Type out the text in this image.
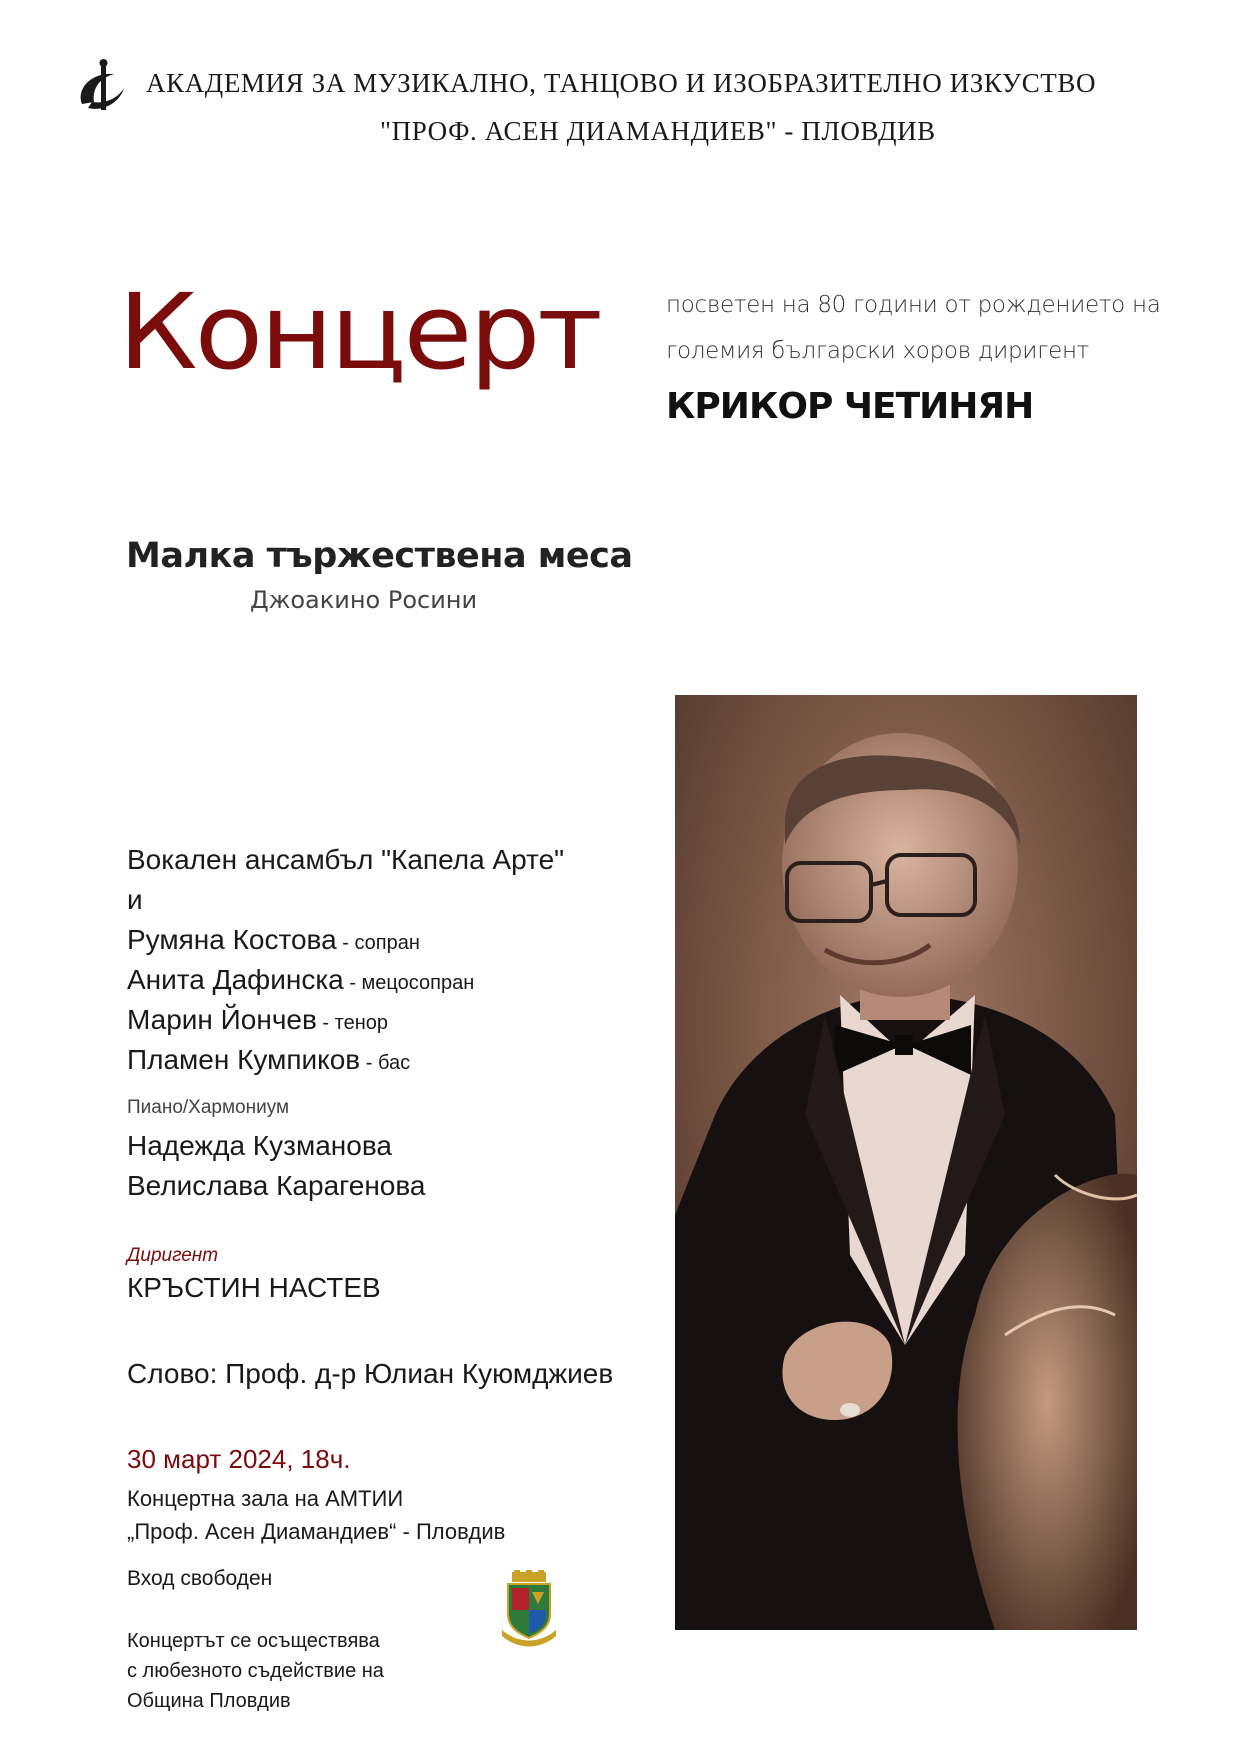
АКАДЕМИЯ ЗА МУЗИКАЛНО, ТАНЦОВО И ИЗОБРАЗИТЕЛНО ИЗКУСТВО
"ПРОФ. АСЕН ДИАМАНДИЕВ" - ПЛОВДИВ
Концерт	посветен на 80 години от рождението на
големия български хоров диригент
КРИКОР ЧЕТИНЯН
Малка тържествена меса
Джоакино Росини
Вокален ансамбъл "Капела Арте"
и
Румяна Костова - сопран
Анита Дафинска - мецосопран
Марин Йончев - тенор
Пламен Кумпиков - бас
Пиано/Хармониум
Надежда Кузманова
Велислава Карагенова
Диригент
КРЪСТИН НАСТЕВ
Слово: Проф. д-р Юлиан Куюмджиев
30 март 2024, 18ч.
Концертна зала на АМТИИ
„Проф. Асен Диамандиев“ - Пловдив
Вход свободен
Концертът се осъществява
с любезното съдействие на
Община Пловдив
